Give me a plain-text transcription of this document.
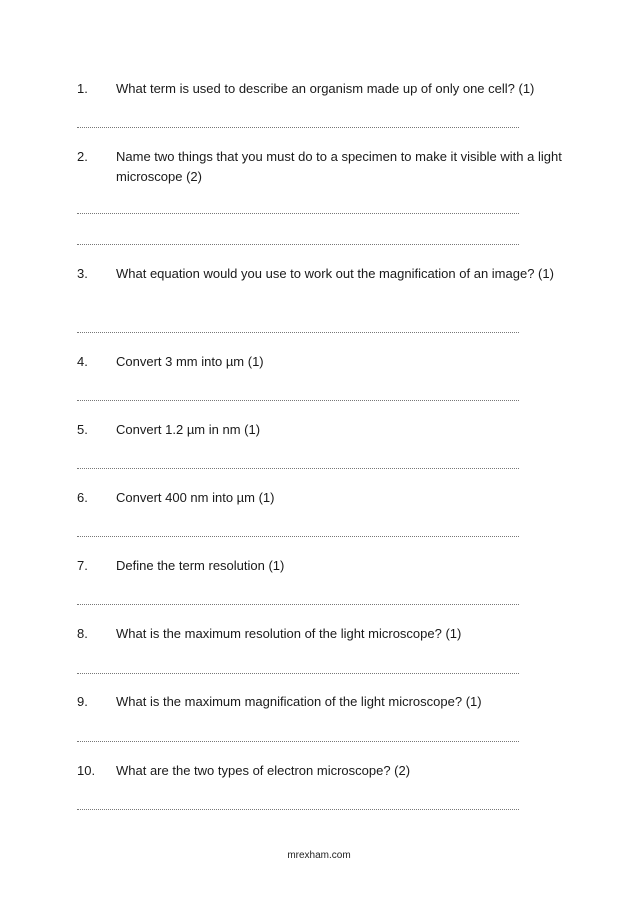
1. What term is used to describe an organism made up of only one cell? (1)
2. Name two things that you must do to a specimen to make it visible with a light microscope (2)
3. What equation would you use to work out the magnification of an image? (1)
4. Convert 3 mm into µm (1)
5. Convert 1.2 µm in nm (1)
6. Convert 400 nm into µm (1)
7. Define the term resolution (1)
8. What is the maximum resolution of the light microscope? (1)
9. What is the maximum magnification of the light microscope? (1)
10. What are the two types of electron microscope? (2)
mrexham.com
